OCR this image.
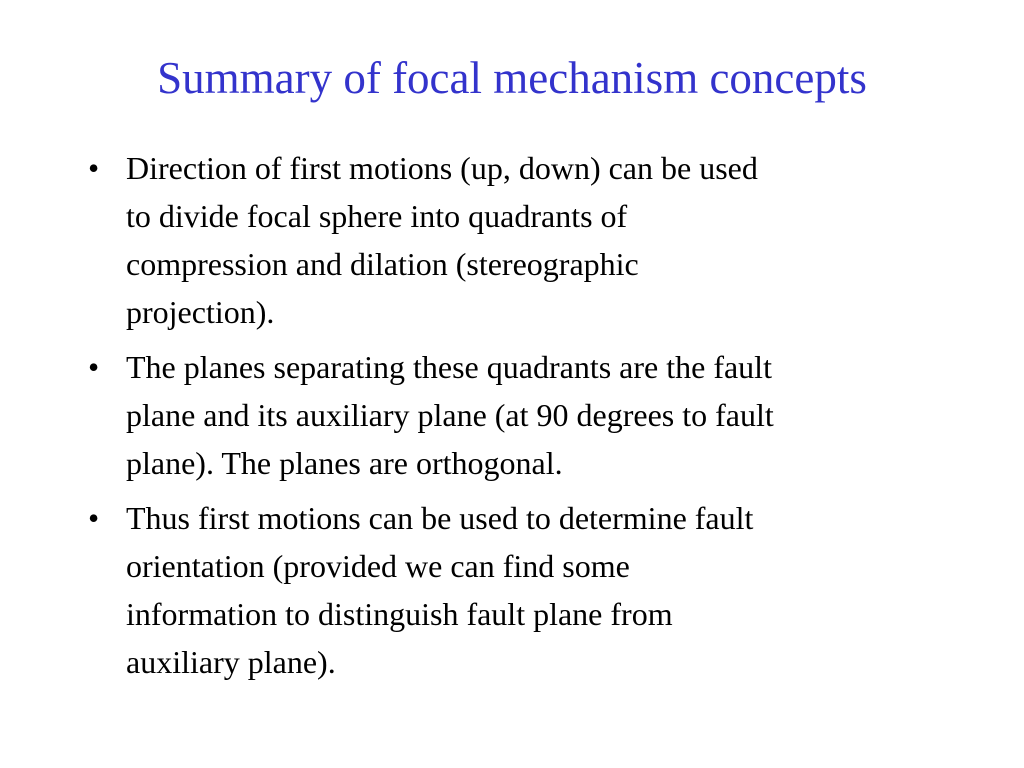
Summary of focal mechanism concepts
• Direction of first motions (up, down) can be used
to divide focal sphere into quadrants of
compression and dilation (stereographic
projection).
• The planes separating these quadrants are the fault
plane and its auxiliary plane (at 90 degrees to fault
plane). The planes are orthogonal.
• Thus first motions can be used to determine fault
orientation (provided we can find some
information to distinguish fault plane from
auxiliary plane).
